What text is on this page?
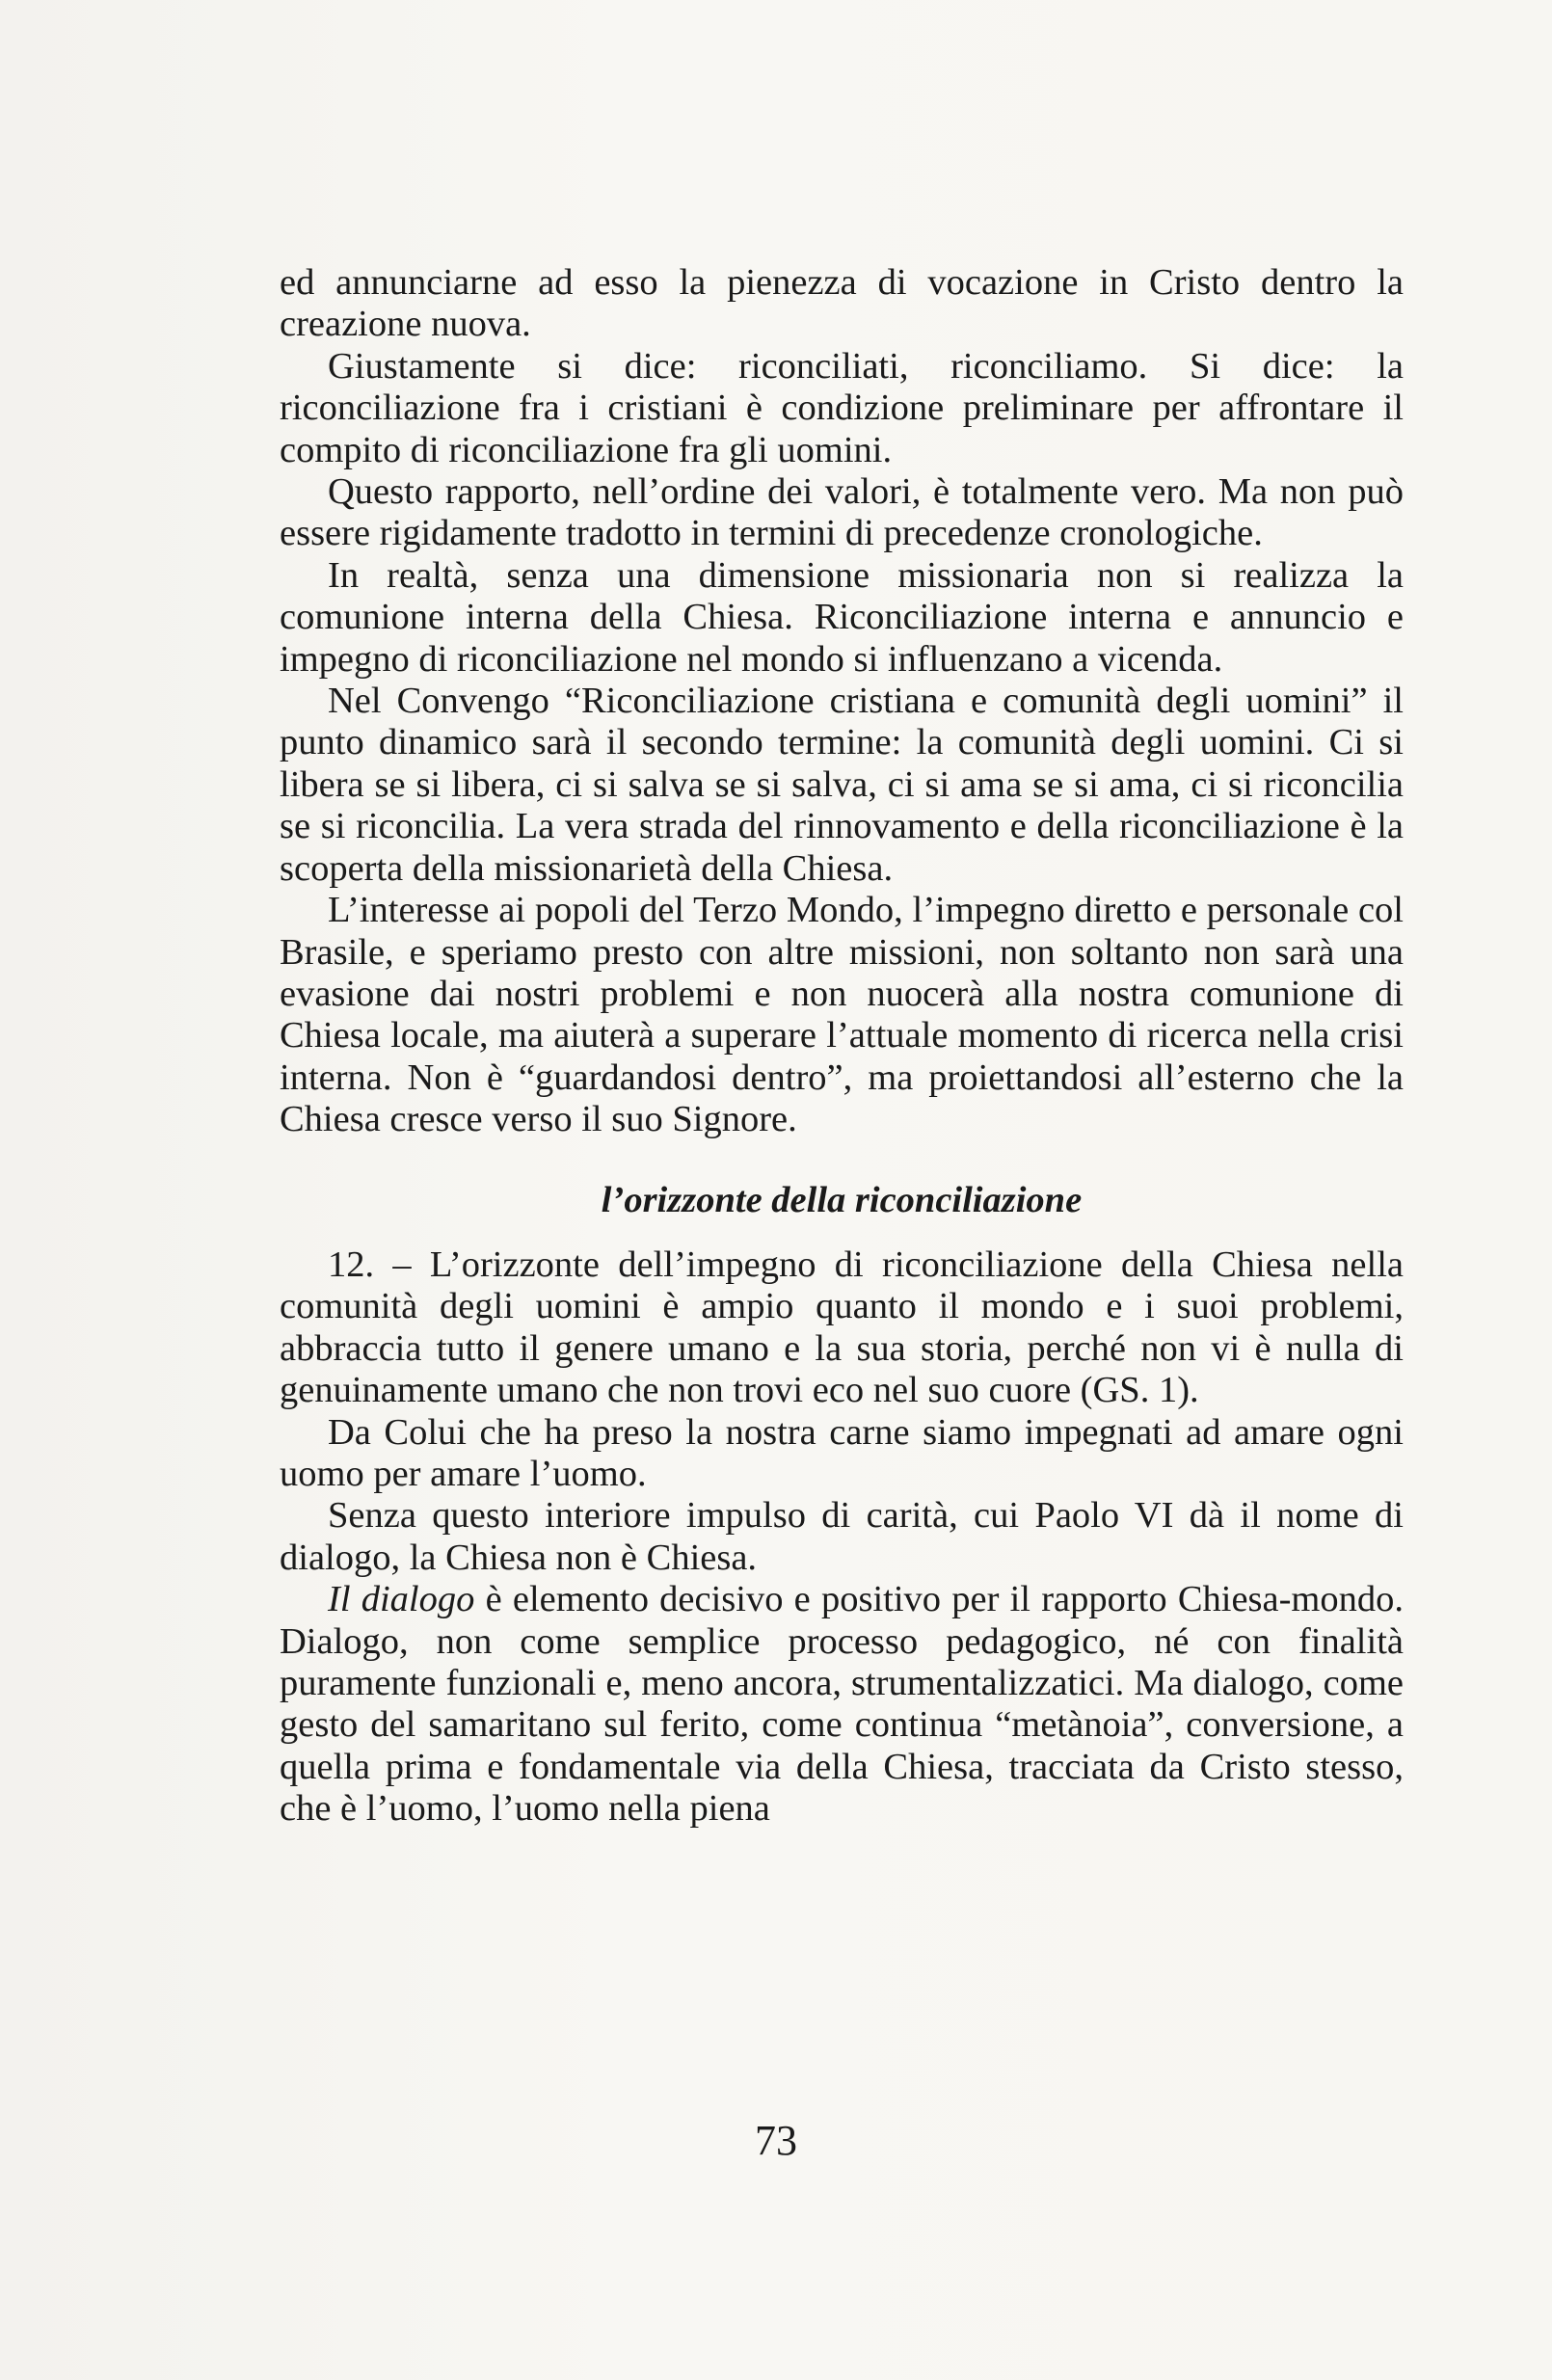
ed annunciarne ad esso la pienezza di vocazione in Cristo dentro la creazione nuova.

Giustamente si dice: riconciliati, riconciliamo. Si dice: la riconciliazione fra i cristiani è condizione preliminare per affrontare il compito di riconciliazione fra gli uomini.

Questo rapporto, nell’ordine dei valori, è totalmente vero. Ma non può essere rigidamente tradotto in termini di precedenze cronologiche.

In realtà, senza una dimensione missionaria non si realizza la comunione interna della Chiesa. Riconciliazione interna e annuncio e impegno di riconciliazione nel mondo si influenzano a vicenda.

Nel Convengo “Riconciliazione cristiana e comunità degli uomini” il punto dinamico sarà il secondo termine: la comunità degli uomini. Ci si libera se si libera, ci si salva se si salva, ci si ama se si ama, ci si riconcilia se si riconcilia. La vera strada del rinnovamento e della riconciliazione è la scoperta della missionarietà della Chiesa.

L’interesse ai popoli del Terzo Mondo, l’impegno diretto e personale col Brasile, e speriamo presto con altre missioni, non soltanto non sarà una evasione dai nostri problemi e non nuocerà alla nostra comunione di Chiesa locale, ma aiuterà a superare l’attuale momento di ricerca nella crisi interna. Non è “guardandosi dentro”, ma proiettandosi all’esterno che la Chiesa cresce verso il suo Signore.

l’orizzonte della riconciliazione

12. – L’orizzonte dell’impegno di riconciliazione della Chiesa nella comunità degli uomini è ampio quanto il mondo e i suoi problemi, abbraccia tutto il genere umano e la sua storia, perché non vi è nulla di genuinamente umano che non trovi eco nel suo cuore (GS. 1).

Da Colui che ha preso la nostra carne siamo impegnati ad amare ogni uomo per amare l’uomo.

Senza questo interiore impulso di carità, cui Paolo VI dà il nome di dialogo, la Chiesa non è Chiesa.

Il dialogo è elemento decisivo e positivo per il rapporto Chiesa-mondo. Dialogo, non come semplice processo pedagogico, né con finalità puramente funzionali e, meno ancora, strumentalizzatici. Ma dialogo, come gesto del samaritano sul ferito, come continua “metànoia”, conversione, a quella prima e fondamentale via della Chiesa, tracciata da Cristo stesso, che è l’uomo, l’uomo nella piena

73
